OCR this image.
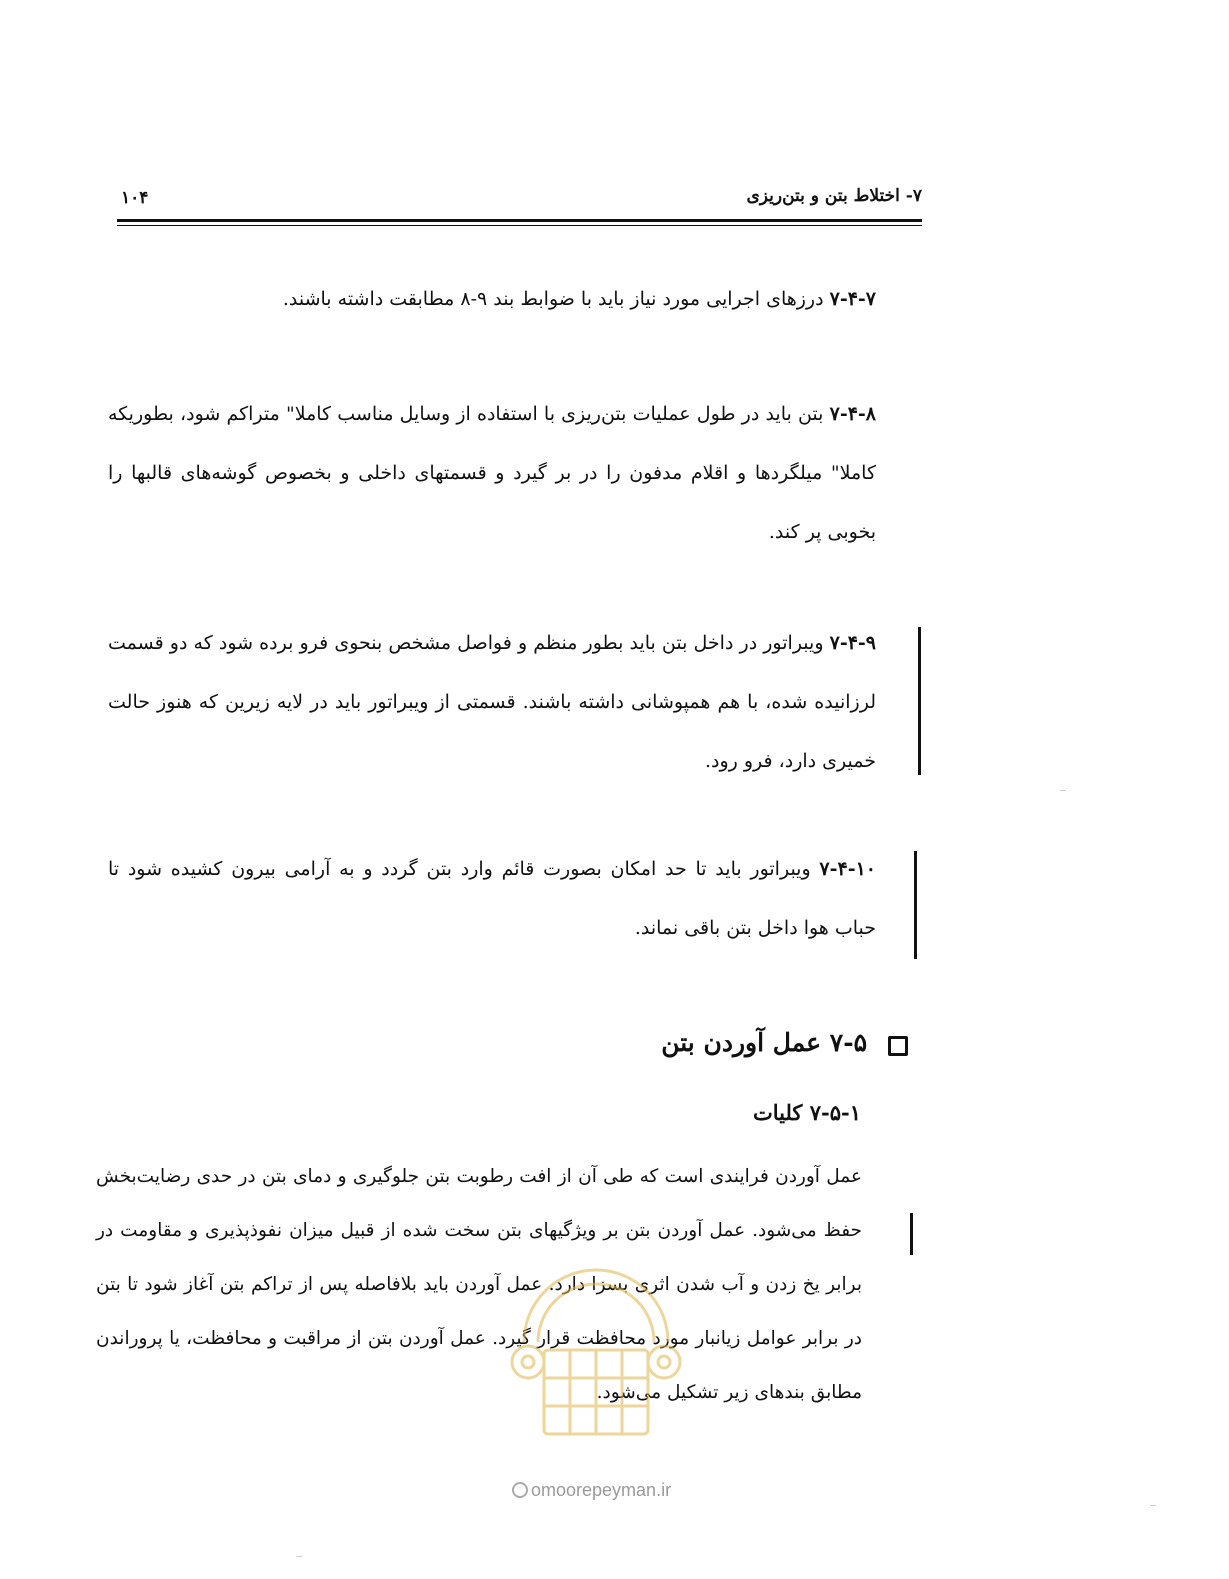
۷- اختلاط بتن و بتن‌ریزی
۱۰۴
۷-۴-۷ درزهای اجرایی مورد نیاز باید با ضوابط بند ۹-۸ مطابقت داشته باشند.
۷-۴-۸ بتن باید در طول عملیات بتن‌ریزی با استفاده از وسایل مناسب کاملا" متراکم شود، بطوریکه کاملا" میلگردها و اقلام مدفون را در بر گیرد و قسمتهای داخلی و بخصوص گوشه‌های قالبها را بخوبی پر کند.
۷-۴-۹ ویبراتور در داخل بتن باید بطور منظم و فواصل مشخص بنحوی فرو برده شود که دو قسمت لرزانیده شده، با هم همپوشانی داشته باشند. قسمتی از ویبراتور باید در لایه زیرین که هنوز حالت خمیری دارد، فرو رود.
۷-۴-۱۰ ویبراتور باید تا حد امکان بصورت قائم وارد بتن گردد و به آرامی بیرون کشیده شود تا حباب هوا داخل بتن باقی نماند.
۷-۵ عمل آوردن بتن
۷-۵-۱ کلیات
عمل آوردن فرایندی است که طی آن از افت رطوبت بتن جلوگیری و دمای بتن در حدی رضایت‌بخش حفظ می‌شود. عمل آوردن بتن بر ویژگیهای بتن سخت شده از قبیل میزان نفوذپذیری و مقاومت در برابر یخ زدن و آب شدن اثری بسزا دارد. عمل آوردن باید بلافاصله پس از تراکم بتن آغاز شود تا بتن در برابر عوامل زیانبار مورد محافظت قرار گیرد. عمل آوردن بتن از مراقبت و محافظت، یا پروراندن مطابق بندهای زیر تشکیل می‌شود.
omoorepeyman.ir
